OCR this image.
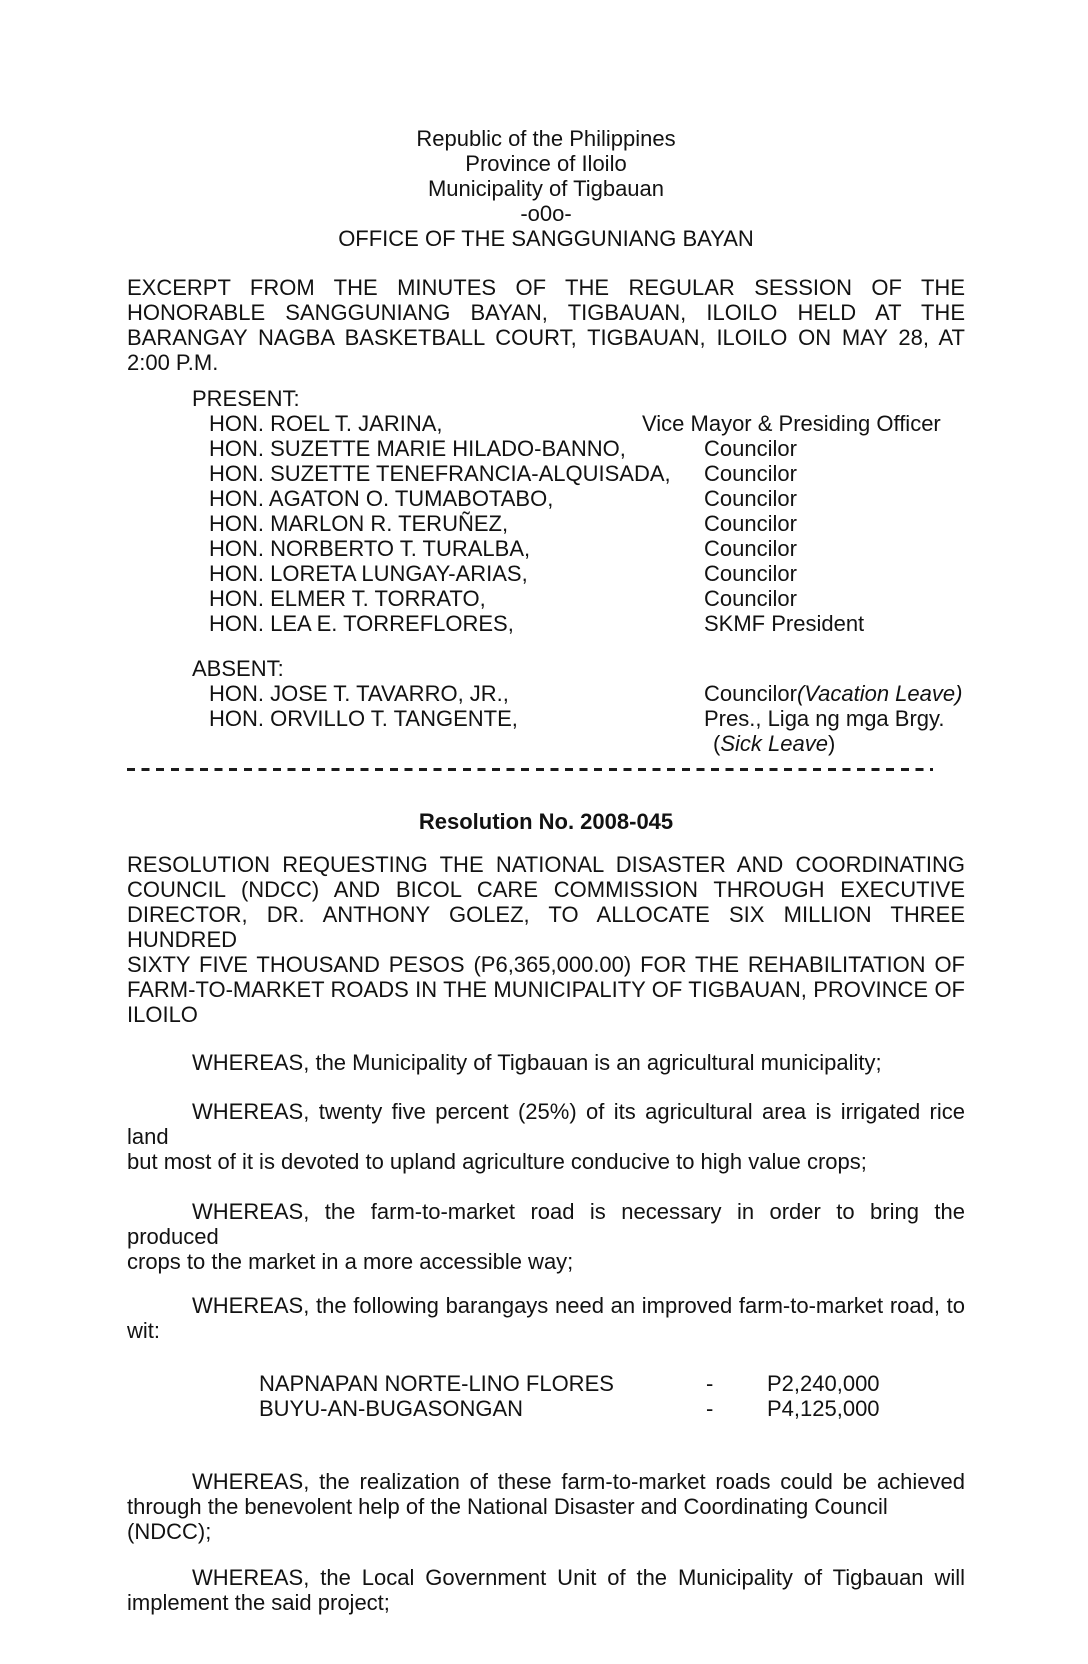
Republic of the Philippines
Province of Iloilo
Municipality of Tigbauan
-o0o-
OFFICE OF THE SANGGUNIANG BAYAN
EXCERPT FROM THE MINUTES OF THE REGULAR SESSION OF THE
HONORABLE SANGGUNIANG BAYAN, TIGBAUAN, ILOILO HELD AT THE
BARANGAY NAGBA BASKETBALL COURT, TIGBAUAN, ILOILO ON MAY 28, AT
2:00 P.M.
PRESENT:
HON. ROEL T. JARINA,	Vice Mayor & Presiding Officer
HON. SUZETTE MARIE HILADO-BANNO,	Councilor
HON. SUZETTE TENEFRANCIA-ALQUISADA, Councilor
HON. AGATON O. TUMABOTABO,	Councilor
HON. MARLON R. TERUÑEZ,	Councilor
HON. NORBERTO T. TURALBA,	Councilor
HON. LORETA LUNGAY-ARIAS,	Councilor
HON. ELMER T. TORRATO,	Councilor
HON. LEA E. TORREFLORES,	SKMF President
ABSENT:
HON. JOSE T. TAVARRO, JR.,	Councilor(Vacation Leave)
HON. ORVILLO T. TANGENTE,	Pres., Liga ng mga Brgy.
(Sick Leave)
Resolution No. 2008-045
RESOLUTION REQUESTING THE NATIONAL DISASTER AND COORDINATING
COUNCIL (NDCC) AND BICOL CARE COMMISSION THROUGH EXECUTIVE
DIRECTOR, DR. ANTHONY GOLEZ, TO ALLOCATE SIX MILLION THREE HUNDRED
SIXTY FIVE THOUSAND PESOS (P6,365,000.00) FOR THE REHABILITATION OF
FARM-TO-MARKET ROADS IN THE MUNICIPALITY OF TIGBAUAN, PROVINCE OF
ILOILO
WHEREAS, the Municipality of Tigbauan is an agricultural municipality;
WHEREAS, twenty five percent (25%) of its agricultural area is irrigated rice land
but most of it is devoted to upland agriculture conducive to high value crops;
WHEREAS, the farm-to-market road is necessary in order to bring the produced
crops to the market in a more accessible way;
WHEREAS, the following barangays need an improved farm-to-market road, to
wit:
NAPNAPAN NORTE-LINO FLORES	- P2,240,000
BUYU-AN-BUGASONGAN	- P4,125,000
WHEREAS, the realization of these farm-to-market roads could be achieved
through the benevolent help of the National Disaster and Coordinating Council (NDCC);
WHEREAS, the Local Government Unit of the Municipality of Tigbauan will
implement the said project;
